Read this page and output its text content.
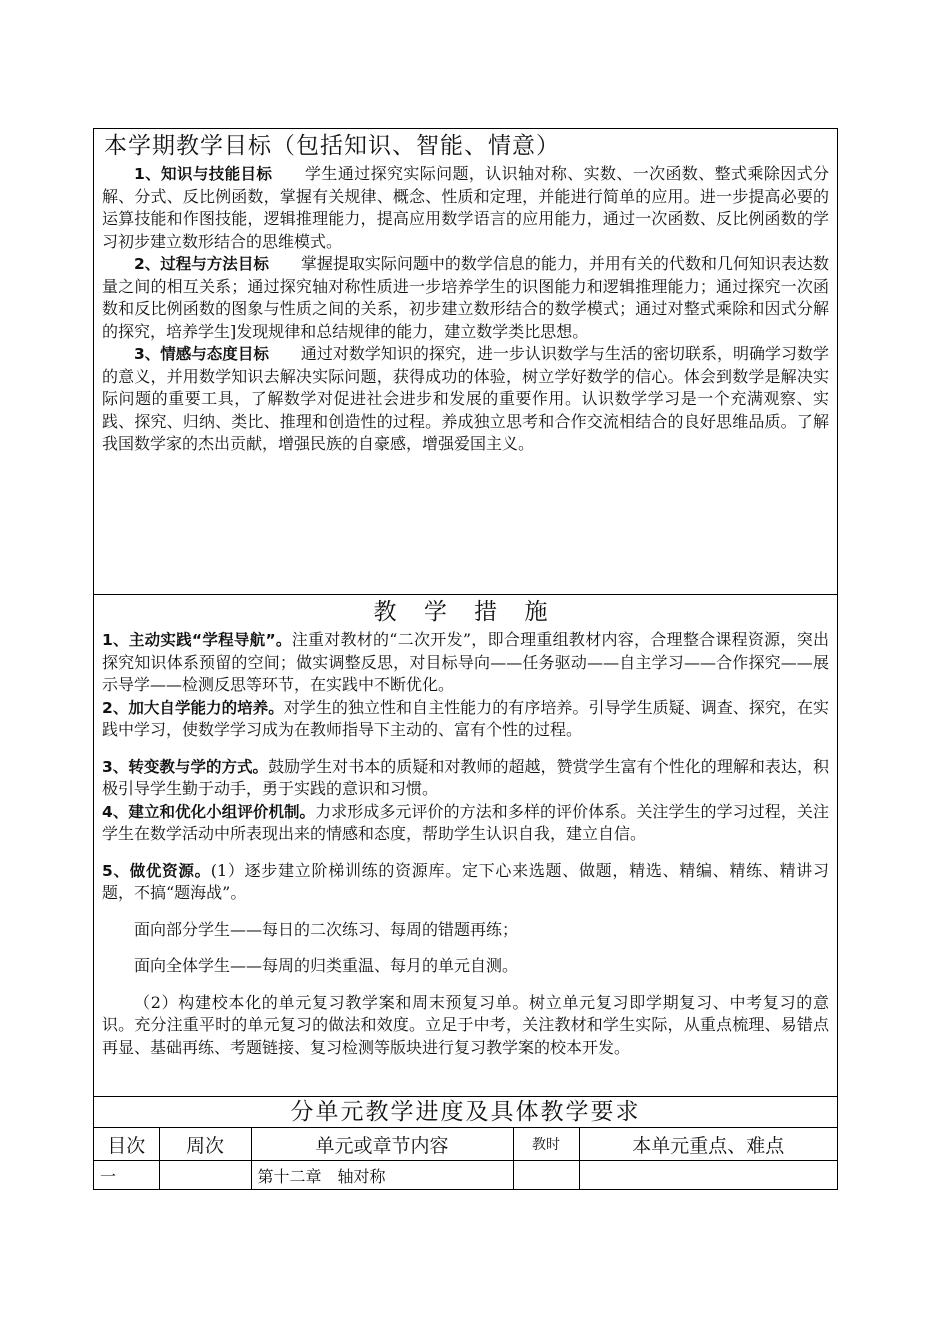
本学期教学目标（包括知识、智能、情意）

1、知识与技能目标　　 学生通过探究实际问题，认识轴对称、实数、一次函数、整式乘除因式分解、分式、反比例函数，掌握有关规律、概念、性质和定理，并能进行简单的应用。进一步提高必要的运算技能和作图技能，逻辑推理能力，提高应用数学语言的应用能力，通过一次函数、反比例函数的学习初步建立数形结合的思维模式。

2、过程与方法目标　　 掌握提取实际问题中的数学信息的能力，并用有关的代数和几何知识表达数量之间的相互关系；通过探究轴对称性质进一步培养学生的识图能力和逻辑推理能力；通过探究一次函数和反比例函数的图象与性质之间的关系，初步建立数形结合的数学模式；通过对整式乘除和因式分解的探究，培养学生]发现规律和总结规律的能力，建立数学类比思想。

3、情感与态度目标　　 通过对数学知识的探究，进一步认识数学与生活的密切联系，明确学习数学的意义，并用数学知识去解决实际问题，获得成功的体验，树立学好数学的信心。体会到数学是解决实际问题的重要工具，了解数学对促进社会进步和发展的重要作用。认识数学学习是一个充满观察、实践、探究、归纳、类比、推理和创造性的过程。养成独立思考和合作交流相结合的良好思维品质。了解我国数学家的杰出贡献，增强民族的自豪感，增强爱国主义。

教 学 措 施

1、主动实践“学程导航”。注重对教材的“二次开发”，即合理重组教材内容，合理整合课程资源，突出探究知识体系预留的空间；做实调整反思，对目标导向——任务驱动——自主学习——合作探究——展示导学——检测反思等环节，在实践中不断优化。

2、加大自学能力的培养。对学生的独立性和自主性能力的有序培养。引导学生质疑、调查、探究，在实践中学习，使数学学习成为在教师指导下主动的、富有个性的过程。

3、转变教与学的方式。鼓励学生对书本的质疑和对教师的超越，赞赏学生富有个性化的理解和表达，积极引导学生勤于动手，勇于实践的意识和习惯。

4、建立和优化小组评价机制。力求形成多元评价的方法和多样的评价体系。关注学生的学习过程，关注学生在数学活动中所表现出来的情感和态度，帮助学生认识自我，建立自信。

5、做优资源。(1）逐步建立阶梯训练的资源库。定下心来选题、做题，精选、精编、精练、精讲习题，不搞“题海战”。

面向部分学生——每日的二次练习、每周的错题再练；

面向全体学生——每周的归类重温、每月的单元自测。

（2）构建校本化的单元复习教学案和周末预复习单。树立单元复习即学期复习、中考复习的意识。充分注重平时的单元复习的做法和效度。立足于中考，关注教材和学生实际，从重点梳理、易错点再显、基础再练、考题链接、复习检测等版块进行复习教学案的校本开发。

分单元教学进度及具体教学要求
目次	周次	单元或章节内容	教时	本单元重点、难点
一		第十二章　轴对称		
